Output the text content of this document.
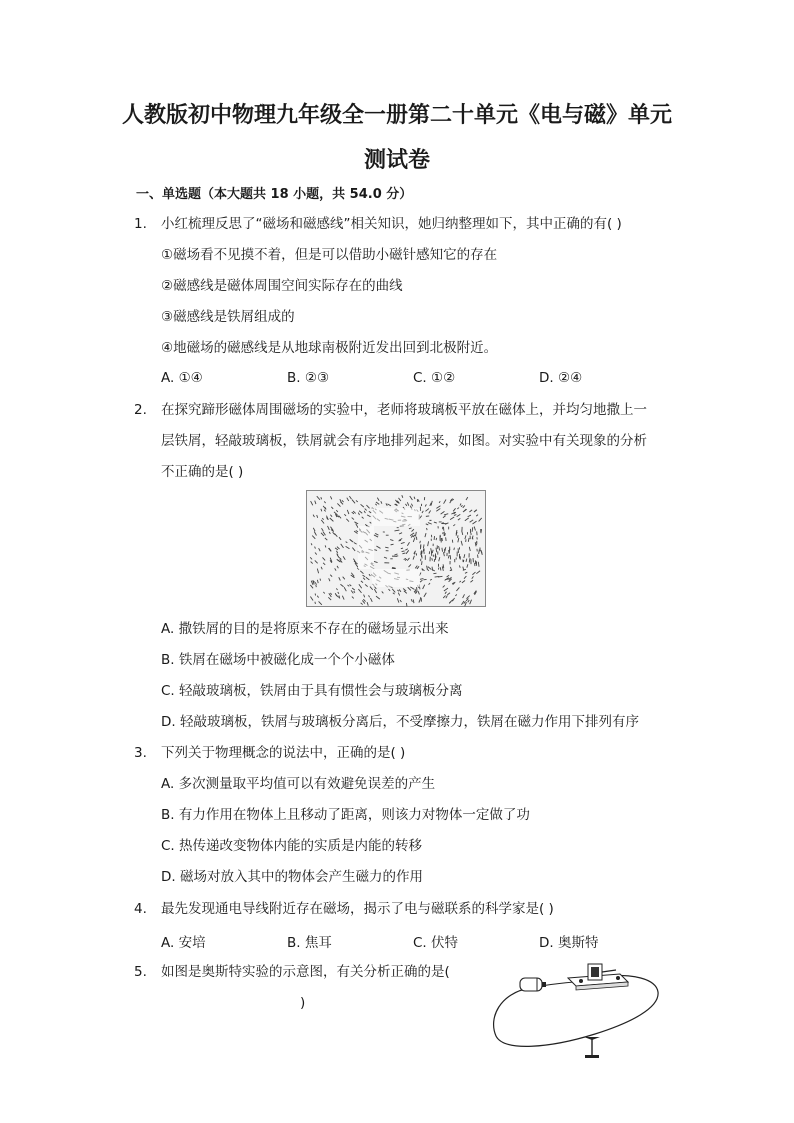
人教版初中物理九年级全一册第二十单元《电与磁》单元
测试卷
一、单选题（本大题共 18 小题，共 54.0 分）
1. 小红梳理反思了“磁场和磁感线”相关知识，她归纳整理如下，其中正确的有( )
①磁场看不见摸不着，但是可以借助小磁针感知它的存在
②磁感线是磁体周围空间实际存在的曲线
③磁感线是铁屑组成的
④地磁场的磁感线是从地球南极附近发出回到北极附近。
A. ①④	B. ②③	C. ①②	D. ②④
2. 在探究蹄形磁体周围磁场的实验中，老师将玻璃板平放在磁体上，并均匀地撒上一
层铁屑，轻敲玻璃板，铁屑就会有序地排列起来，如图。对实验中有关现象的分析
不正确的是( )
A. 撒铁屑的目的是将原来不存在的磁场显示出来
B. 铁屑在磁场中被磁化成一个个小磁体
C. 轻敲玻璃板，铁屑由于具有惯性会与玻璃板分离
D. 轻敲玻璃板，铁屑与玻璃板分离后，不受摩擦力，铁屑在磁力作用下排列有序
3. 下列关于物理概念的说法中，正确的是( )
A. 多次测量取平均值可以有效避免误差的产生
B. 有力作用在物体上且移动了距离，则该力对物体一定做了功
C. 热传递改变物体内能的实质是内能的转移
D. 磁场对放入其中的物体会产生磁力的作用
4. 最先发现通电导线附近存在磁场，揭示了电与磁联系的科学家是( )
A. 安培	B. 焦耳	C. 伏特	D. 奥斯特
5. 如图是奥斯特实验的示意图，有关分析正确的是(
)
